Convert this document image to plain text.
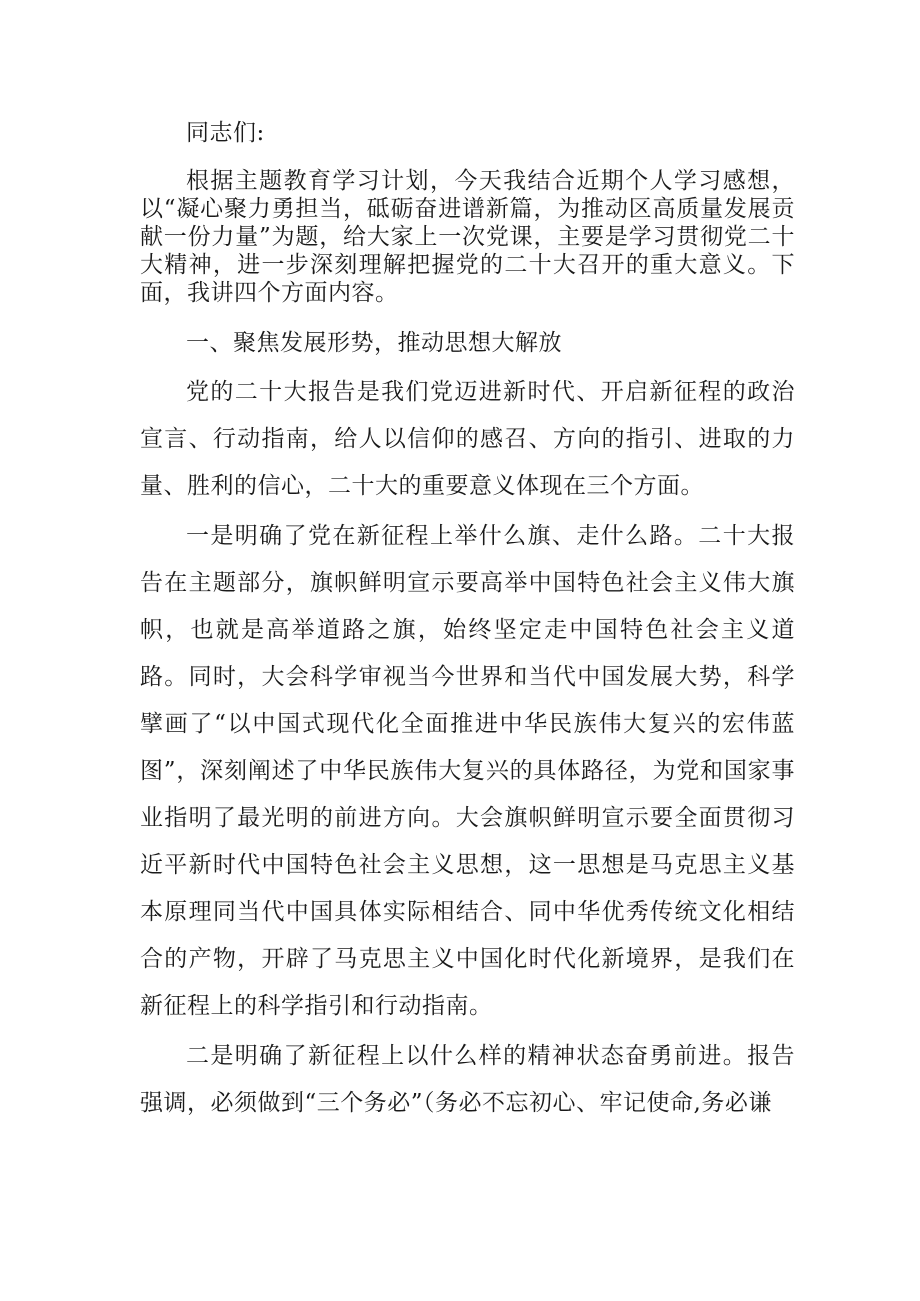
同志们:

根据主题教育学习计划，今天我结合近期个人学习感想，以“凝心聚力勇担当，砥砺奋进谱新篇，为推动区高质量发展贡献一份力量”为题，给大家上一次党课，主要是学习贯彻党二十大精神，进一步深刻理解把握党的二十大召开的重大意义。下面，我讲四个方面内容。

一、聚焦发展形势，推动思想大解放

党的二十大报告是我们党迈进新时代、开启新征程的政治宣言、行动指南，给人以信仰的感召、方向的指引、进取的力量、胜利的信心，二十大的重要意义体现在三个方面。

一是明确了党在新征程上举什么旗、走什么路。二十大报告在主题部分，旗帜鲜明宣示要高举中国特色社会主义伟大旗帜，也就是高举道路之旗，始终坚定走中国特色社会主义道路。同时，大会科学审视当今世界和当代中国发展大势，科学擘画了“以中国式现代化全面推进中华民族伟大复兴的宏伟蓝图”，深刻阐述了中华民族伟大复兴的具体路径，为党和国家事业指明了最光明的前进方向。大会旗帜鲜明宣示要全面贯彻习近平新时代中国特色社会主义思想，这一思想是马克思主义基本原理同当代中国具体实际相结合、同中华优秀传统文化相结合的产物，开辟了马克思主义中国化时代化新境界，是我们在新征程上的科学指引和行动指南。

二是明确了新征程上以什么样的精神状态奋勇前进。报告强调，必须做到“三个务必”（务必不忘初心、牢记使命,务必谦
